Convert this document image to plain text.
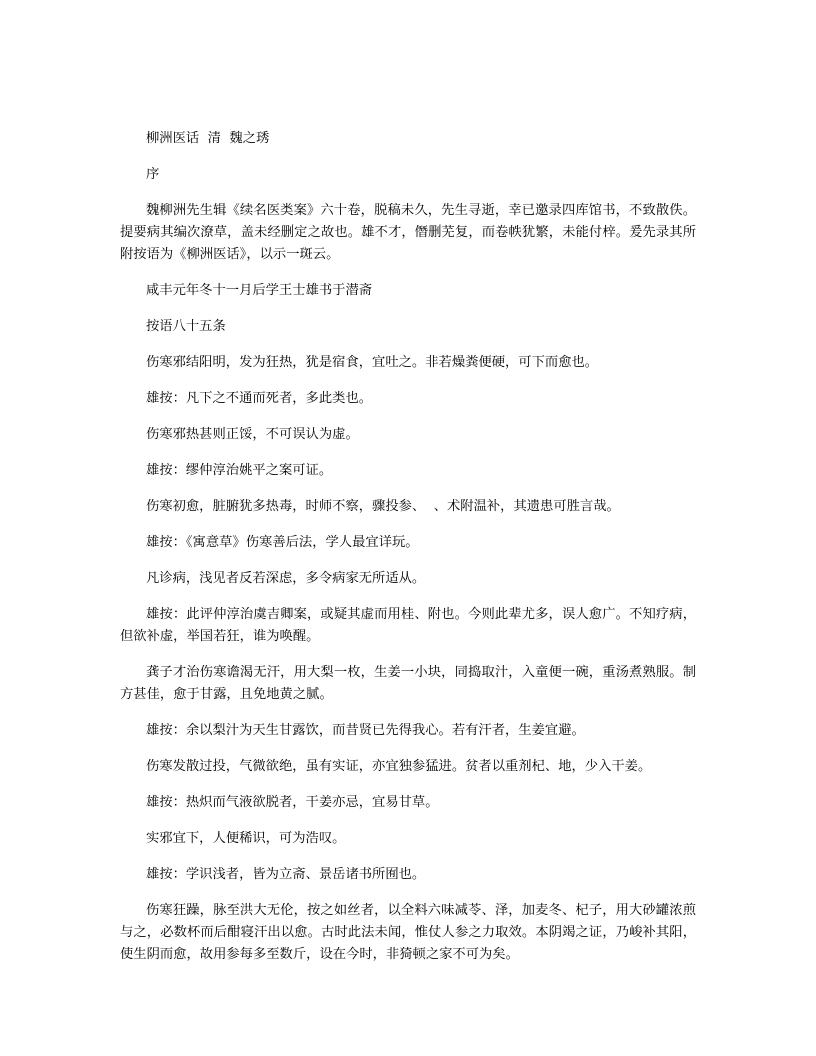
柳洲医话  清  魏之琇

序

魏柳洲先生辑《续名医类案》六十卷，脱稿未久，先生寻逝，幸已邀录四库馆书，不致散佚。提要病其编次潦草，盖未经删定之故也。雄不才，僭删芜复，而卷帙犹繁，未能付梓。爰先录其所附按语为《柳洲医话》，以示一斑云。

咸丰元年冬十一月后学王士雄书于潜斋

按语八十五条

伤寒邪结阳明，发为狂热，犹是宿食，宜吐之。非若燥粪便硬，可下而愈也。

雄按：凡下之不通而死者，多此类也。

伤寒邪热甚则正馁，不可误认为虚。

雄按：缪仲淳治姚平之案可证。

伤寒初愈，脏腑犹多热毒，时师不察，骤投参、  、术附温补，其遗患可胜言哉。

雄按：《寓意草》伤寒善后法，学人最宜详玩。

凡诊病，浅见者反若深虑，多令病家无所适从。

雄按：此评仲淳治虞吉卿案，或疑其虚而用桂、附也。今则此辈尤多，误人愈广。不知疗病，但欲补虚，举国若狂，谁为唤醒。

龚子才治伤寒谵渴无汗，用大梨一枚，生姜一小块，同捣取汁，入童便一碗，重汤煮熟服。制方甚佳，愈于甘露，且免地黄之腻。

雄按：余以梨汁为天生甘露饮，而昔贤已先得我心。若有汗者，生姜宜避。

伤寒发散过投，气微欲绝，虽有实证，亦宜独参猛进。贫者以重剂杞、地，少入干姜。

雄按：热炽而气液欲脱者，干姜亦忌，宜易甘草。

实邪宜下，人便稀识，可为浩叹。

雄按：学识浅者，皆为立斋、景岳诸书所囿也。

伤寒狂躁，脉至洪大无伦，按之如丝者，以全料六味减苓、泽，加麦冬、杞子，用大砂罐浓煎与之，必数杯而后酣寝汗出以愈。古时此法未闻，惟仗人参之力取效。本阴竭之证，乃峻补其阳，使生阴而愈，故用参每多至数斤，设在今时，非猗顿之家不可为矣。
